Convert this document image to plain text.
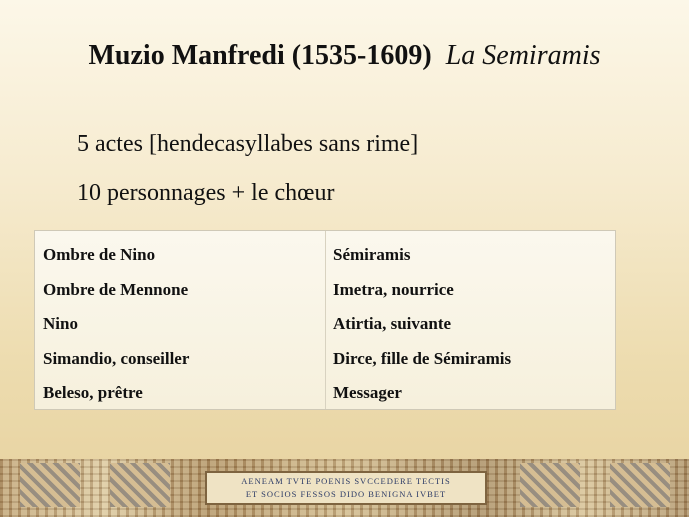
Muzio Manfredi (1535-1609) La Semiramis
5 actes [hendecasyllabes sans rime]
10 personnages + le chœur
Ombre de Nino
Ombre de Mennone
Nino
Simandio, conseiller
Beleso, prêtre
Sémiramis
Imetra, nourrice
Atirtia, suivante
Dirce, fille de Sémiramis
Messager
AENEAM TVTE POENIS SVCCEDERE TECTIS
ET SOCIOS FESSOS DIDO BENIGNA IVBET
